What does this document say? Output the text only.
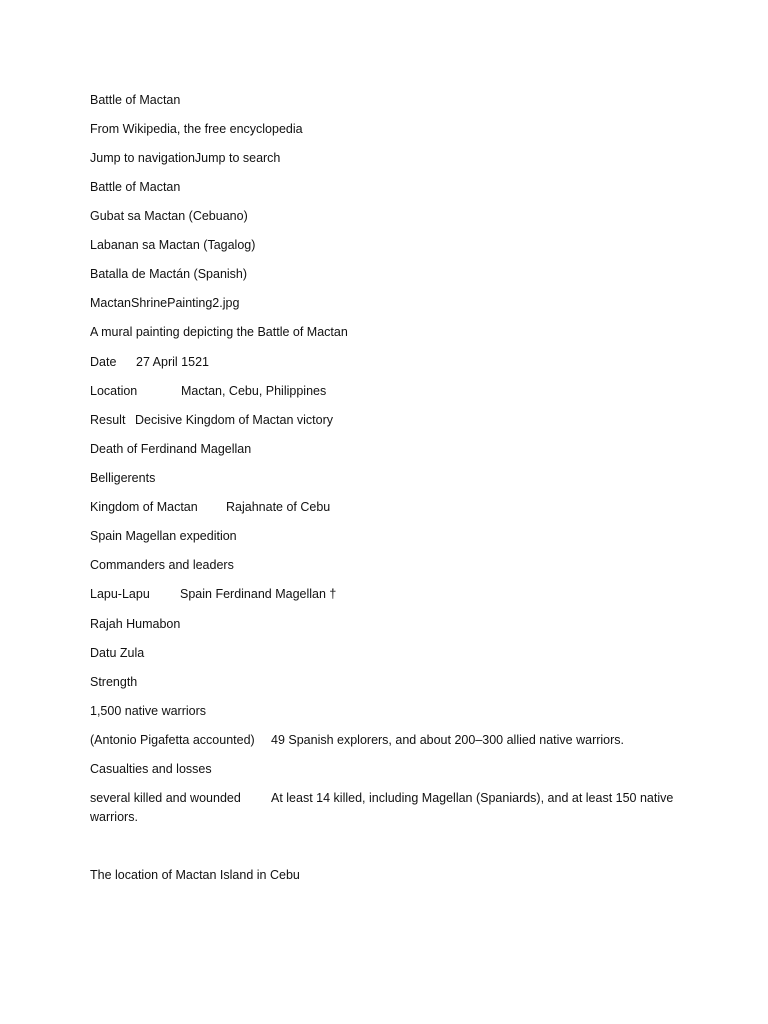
Battle of Mactan
From Wikipedia, the free encyclopedia
Jump to navigationJump to search
Battle of Mactan
Gubat sa Mactan (Cebuano)
Labanan sa Mactan (Tagalog)
Batalla de Mactán (Spanish)
MactanShrinePainting2.jpg
A mural painting depicting the Battle of Mactan
Date 27 April 1521
Location	Mactan, Cebu, Philippines
Result Decisive Kingdom of Mactan victory
Death of Ferdinand Magellan
Belligerents
Kingdom of Mactan Rajahnate of Cebu
Spain Magellan expedition
Commanders and leaders
Lapu-Lapu Spain Ferdinand Magellan †
Rajah Humabon
Datu Zula
Strength
1,500 native warriors
(Antonio Pigafetta accounted) 49 Spanish explorers, and about 200–300 allied native warriors.
Casualties and losses
several killed and wounded At least 14 killed, including Magellan (Spaniards), and at least 150 native
warriors.
The location of Mactan Island in Cebu
